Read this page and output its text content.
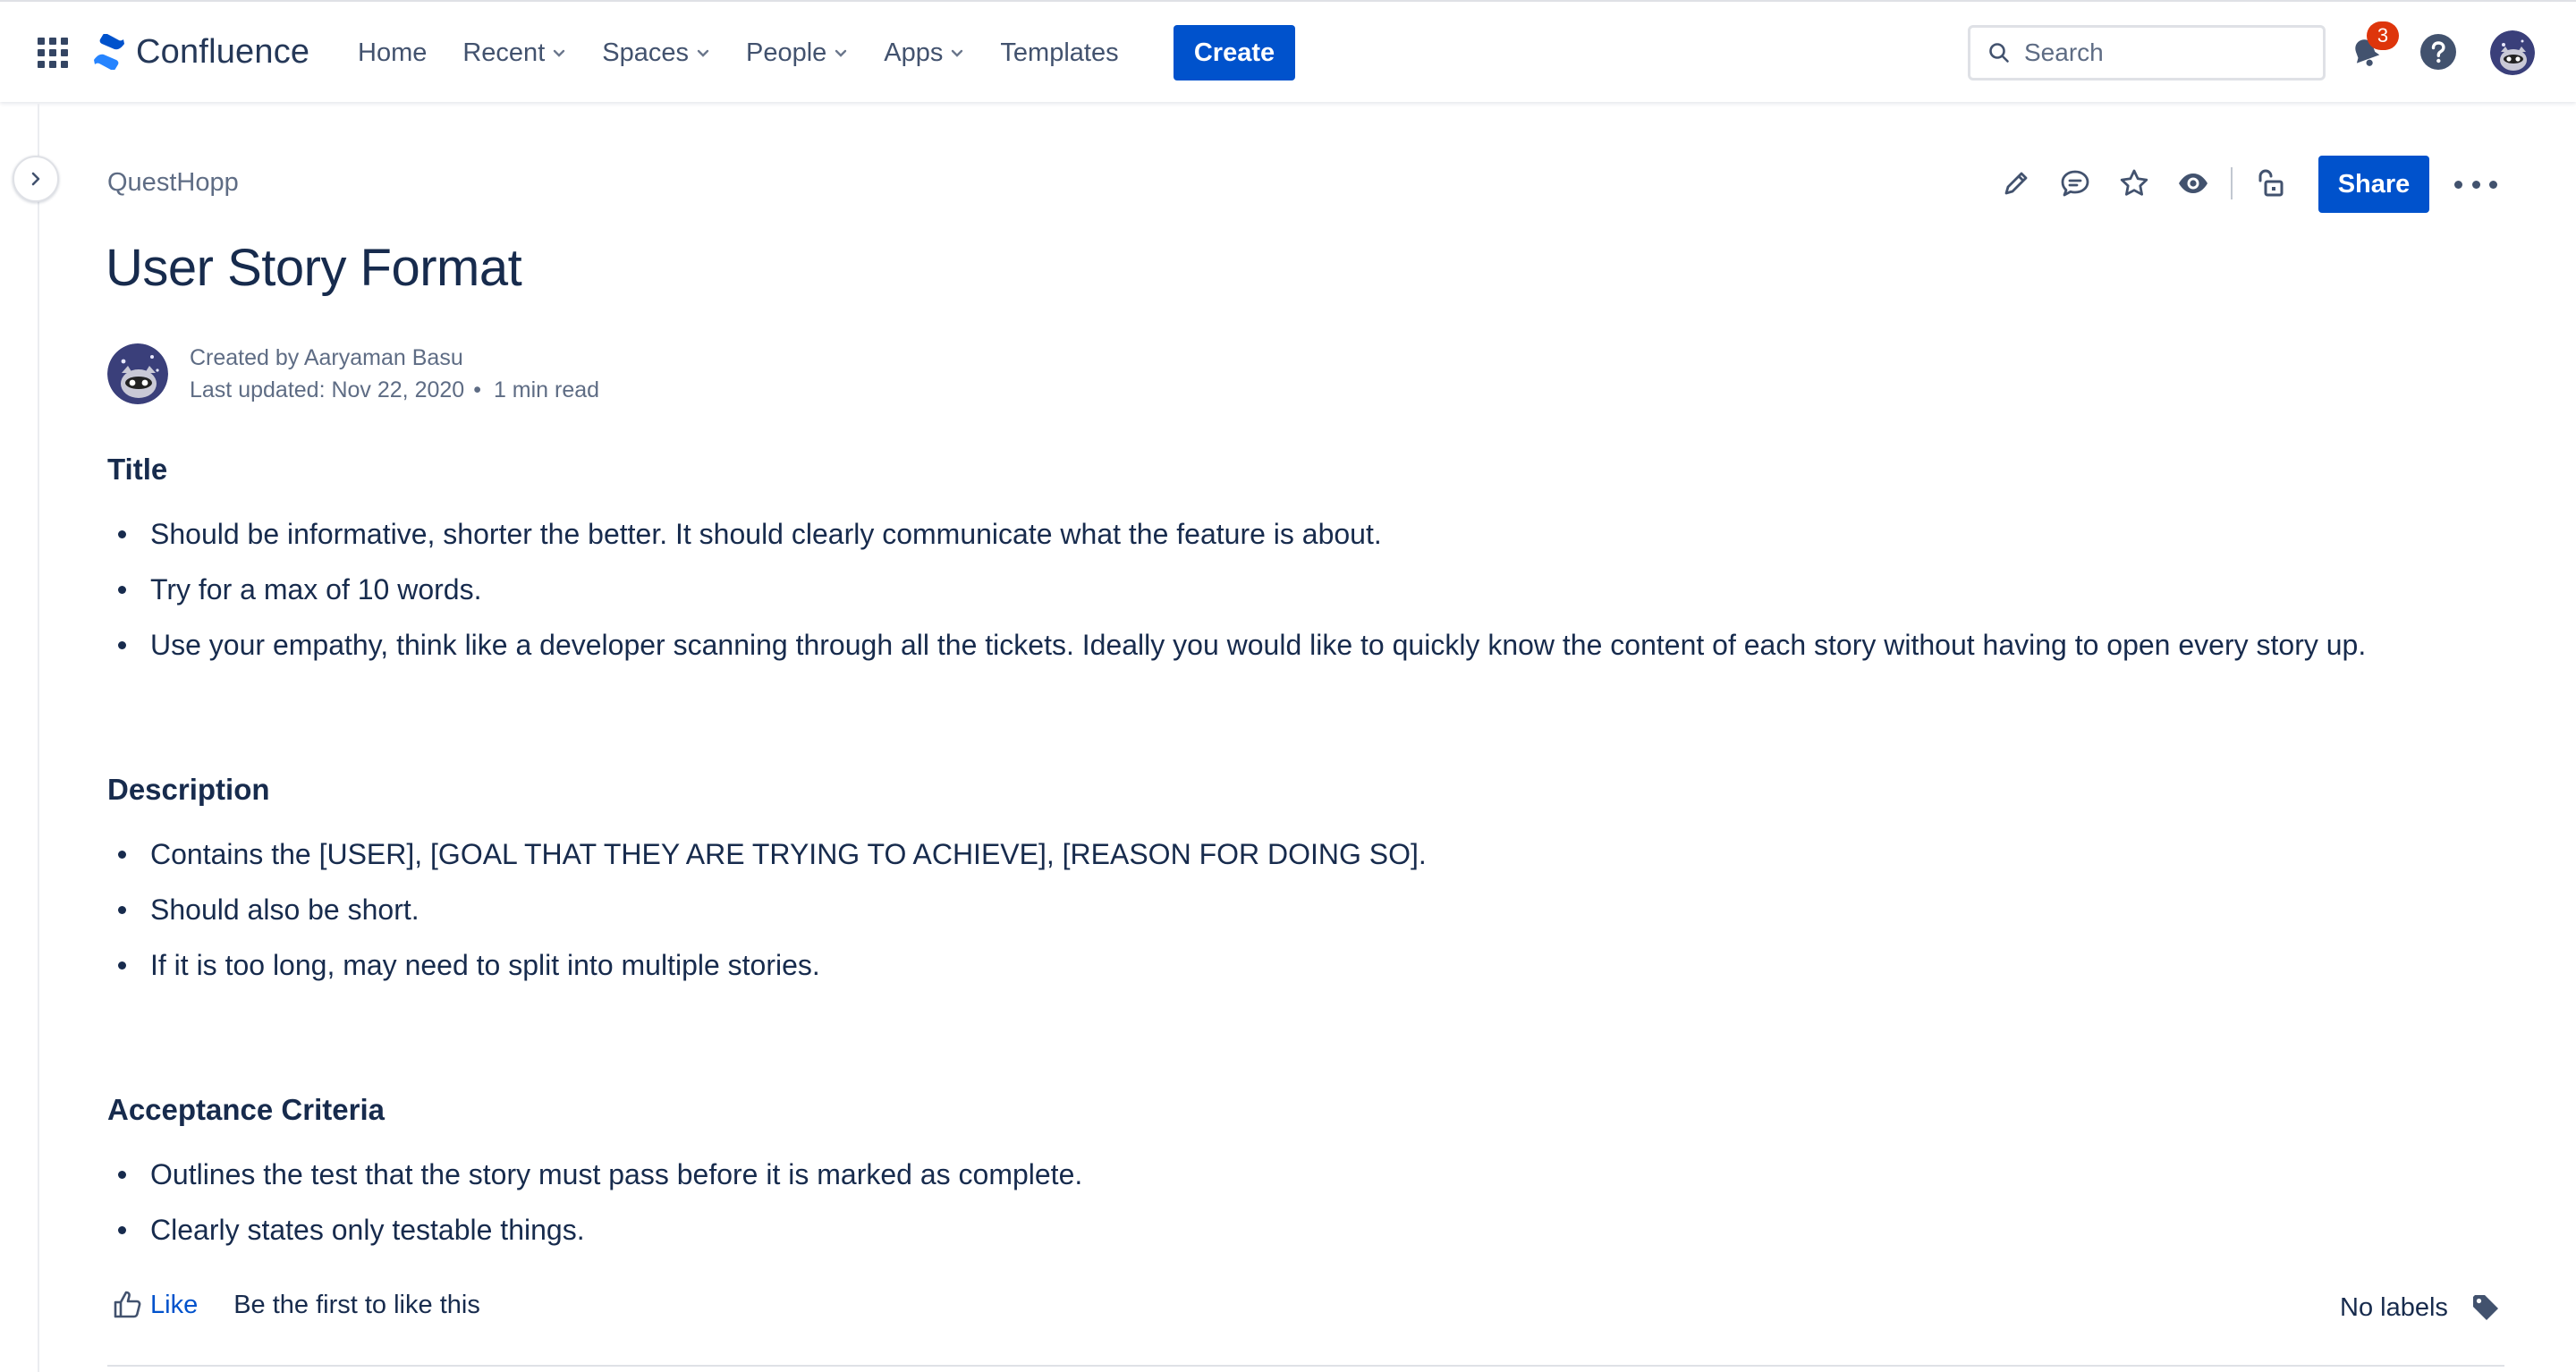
Confluence Home Recent Spaces People Apps Templates	Create	Search
3
QuestHopp	Share
User Story Format
Created by Aaryaman Basu
Last updated: Nov 22, 2020 • 1 min read
Title
Should be informative, shorter the better. It should clearly communicate what the feature is about.
Try for a max of 10 words.
Use your empathy, think like a developer scanning through all the tickets. Ideally you would like to quickly know the content of each story without having to open every story up.
Description
Contains the [USER], [GOAL THAT THEY ARE TRYING TO ACHIEVE], [REASON FOR DOING SO].
Should also be short.
If it is too long, may need to split into multiple stories.
Acceptance Criteria
Outlines the test that the story must pass before it is marked as complete.
Clearly states only testable things.
Like Be the first to like this	No labels
